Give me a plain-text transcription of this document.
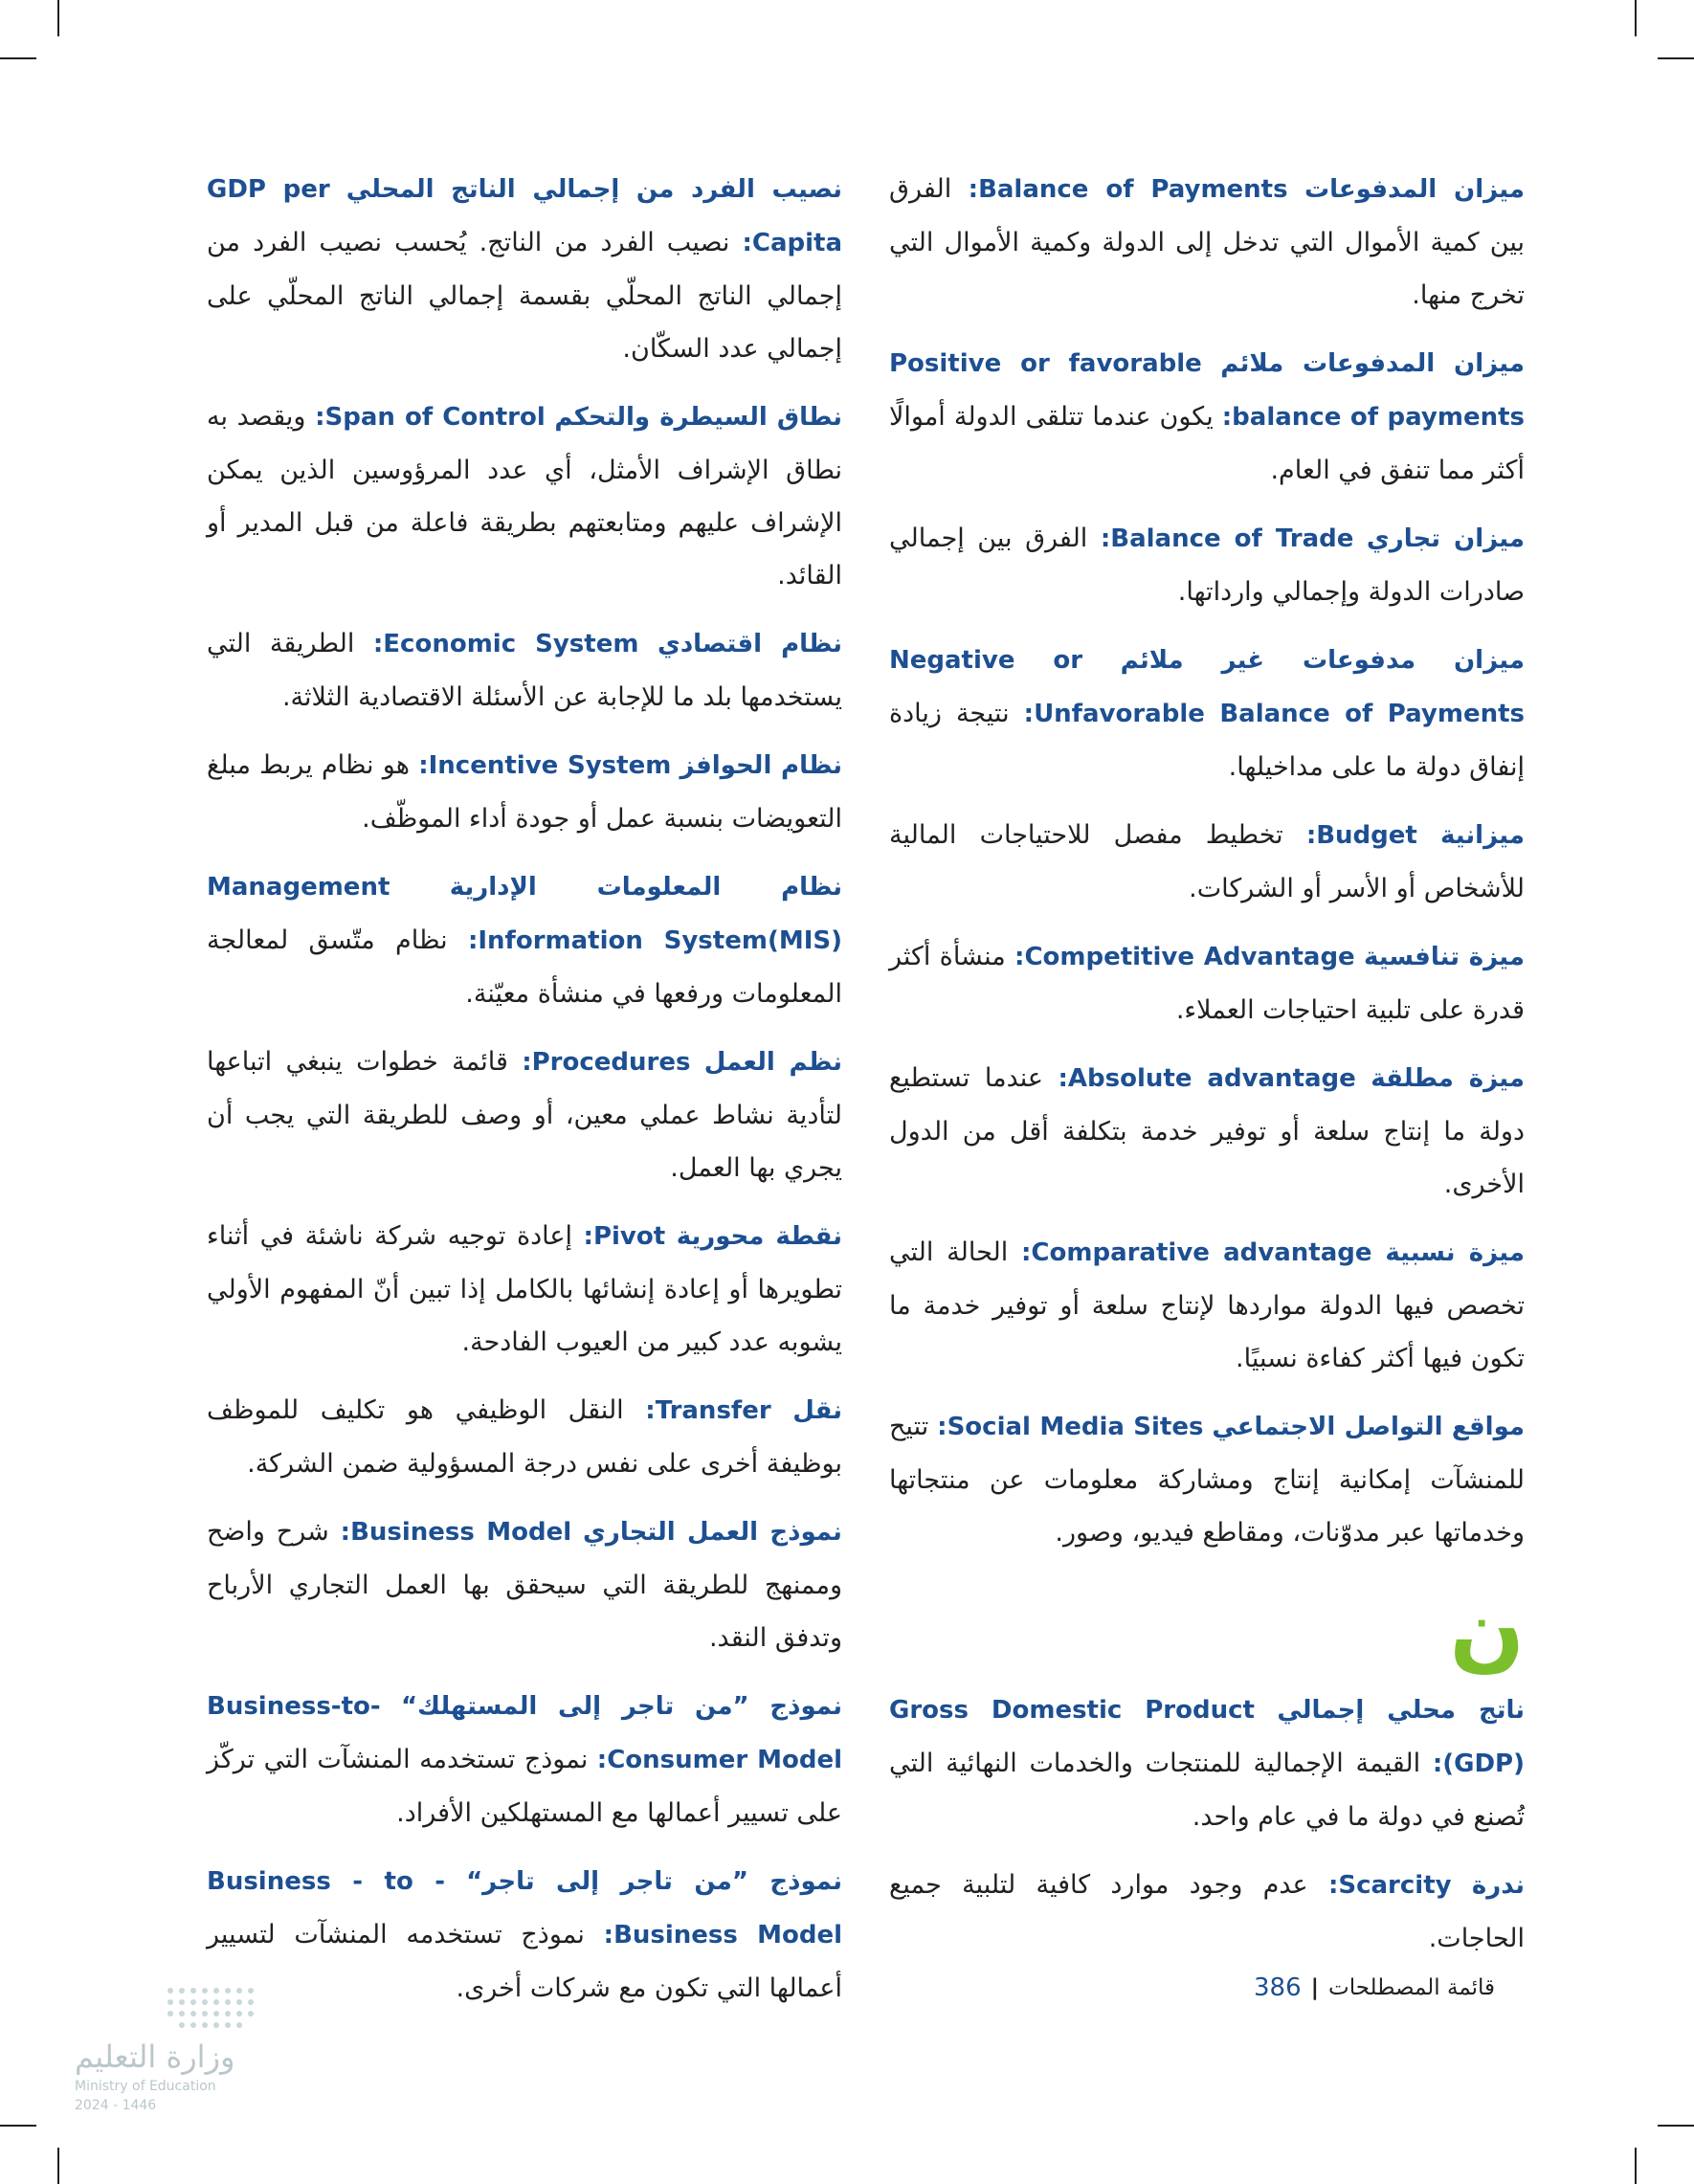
ميزان المدفوعات Balance of Payments: الفرق بين كمية الأموال التي تدخل إلى الدولة وكمية الأموال التي تخرج منها.
ميزان المدفوعات ملائم Positive or favorable balance of payments: يكون عندما تتلقى الدولة أموالًا أكثر مما تنفق في العام.
ميزان تجاري Balance of Trade: الفرق بين إجمالي صادرات الدولة وإجمالي وارداتها.
ميزان مدفوعات غير ملائم Negative or Unfavorable Balance of Payments: نتيجة زيادة إنفاق دولة ما على مداخيلها.
ميزانية Budget: تخطيط مفصل للاحتياجات المالية للأشخاص أو الأسر أو الشركات.
ميزة تنافسية Competitive Advantage: منشأة أكثر قدرة على تلبية احتياجات العملاء.
ميزة مطلقة Absolute advantage: عندما تستطيع دولة ما إنتاج سلعة أو توفير خدمة بتكلفة أقل من الدول الأخرى.
ميزة نسبية Comparative advantage: الحالة التي تخصص فيها الدولة مواردها لإنتاج سلعة أو توفير خدمة ما تكون فيها أكثر كفاءة نسبيًا.
مواقع التواصل الاجتماعي Social Media Sites: تتيح للمنشآت إمكانية إنتاج ومشاركة معلومات عن منتجاتها وخدماتها عبر مدوّنات، ومقاطع فيديو، وصور.
ن
ناتج محلي إجمالي Gross Domestic Product (GDP): القيمة الإجمالية للمنتجات والخدمات النهائية التي تُصنع في دولة ما في عام واحد.
ندرة Scarcity: عدم وجود موارد كافية لتلبية جميع الحاجات.
نصيب الفرد من إجمالي الناتج المحلي GDP per Capita: نصيب الفرد من الناتج. يُحسب نصيب الفرد من إجمالي الناتج المحلّي بقسمة إجمالي الناتج المحلّي على إجمالي عدد السكّان.
نطاق السيطرة والتحكم Span of Control: ويقصد به نطاق الإشراف الأمثل، أي عدد المرؤوسين الذين يمكن الإشراف عليهم ومتابعتهم بطريقة فاعلة من قبل المدير أو القائد.
نظام اقتصادي Economic System: الطريقة التي يستخدمها بلد ما للإجابة عن الأسئلة الاقتصادية الثلاثة.
نظام الحوافز Incentive System: هو نظام يربط مبلغ التعويضات بنسبة عمل أو جودة أداء الموظّف.
نظام المعلومات الإدارية Management Information System(MIS): نظام متّسق لمعالجة المعلومات ورفعها في منشأة معيّنة.
نظم العمل Procedures: قائمة خطوات ينبغي اتباعها لتأدية نشاط عملي معين، أو وصف للطريقة التي يجب أن يجري بها العمل.
نقطة محورية Pivot: إعادة توجيه شركة ناشئة في أثناء تطويرها أو إعادة إنشائها بالكامل إذا تبين أنّ المفهوم الأولي يشوبه عدد كبير من العيوب الفادحة.
نقل Transfer: النقل الوظيفي هو تكليف للموظف بوظيفة أخرى على نفس درجة المسؤولية ضمن الشركة.
نموذج العمل التجاري Business Model: شرح واضح وممنهج للطريقة التي سيحقق بها العمل التجاري الأرباح وتدفق النقد.
نموذج ”من تاجر إلى المستهلك“ Business-to-Consumer Model: نموذج تستخدمه المنشآت التي تركّز على تسيير أعمالها مع المستهلكين الأفراد.
نموذج ”من تاجر إلى تاجر“ Business - to - Business Model: نموذج تستخدمه المنشآت لتسيير أعمالها التي تكون مع شركات أخرى.	386 | قائمة المصطلحات
وزارة التعليم
Ministry of Education
2024 - 1446
